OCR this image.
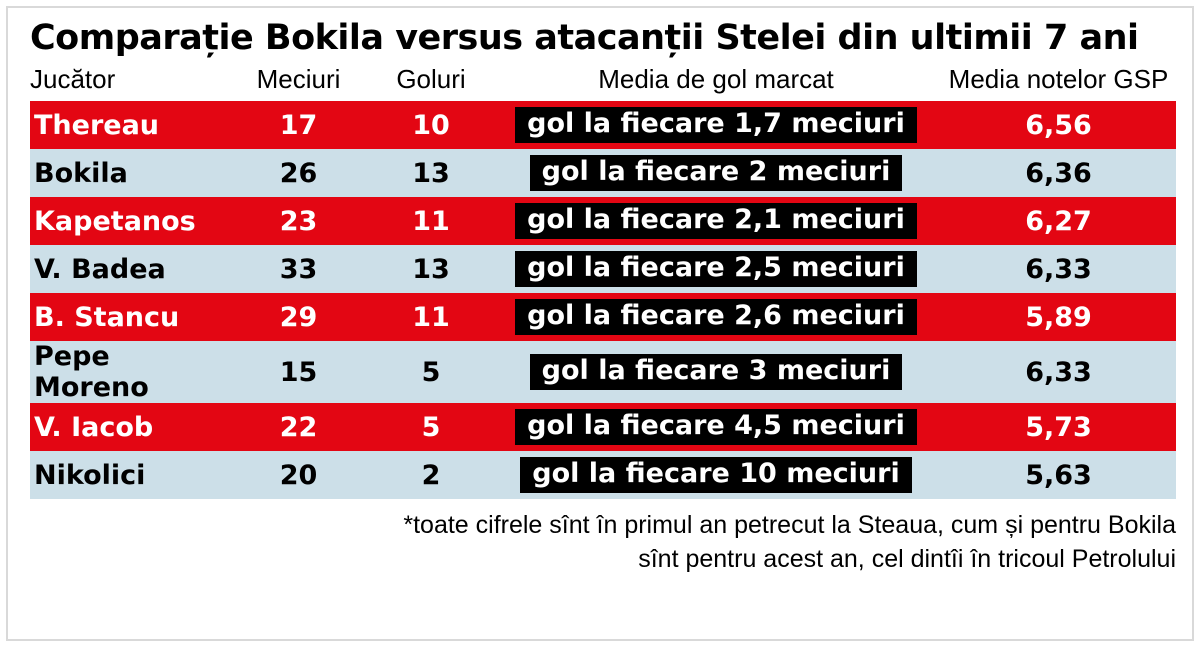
Comparație Bokila versus atacanții Stelei din ultimii 7 ani
Jucător	Meciuri	Goluri	Media de gol marcat	Media notelor GSP
Thereau	17	10	gol la fiecare 1,7 meciuri	6,56
Bokila	26	13	gol la fiecare 2 meciuri	6,36
Kapetanos	23	11	gol la fiecare 2,1 meciuri	6,27
V. Badea	33	13	gol la fiecare 2,5 meciuri	6,33
B. Stancu	29	11	gol la fiecare 2,6 meciuri	5,89
Pepe Moreno	15	5	gol la fiecare 3 meciuri	6,33
V. Iacob	22	5	gol la fiecare 4,5 meciuri	5,73
Nikolici	20	2	gol la fiecare 10 meciuri	5,63
*toate cifrele sînt în primul an petrecut la Steaua, cum și pentru Bokila
sînt pentru acest an, cel dintîi în tricoul Petrolului
